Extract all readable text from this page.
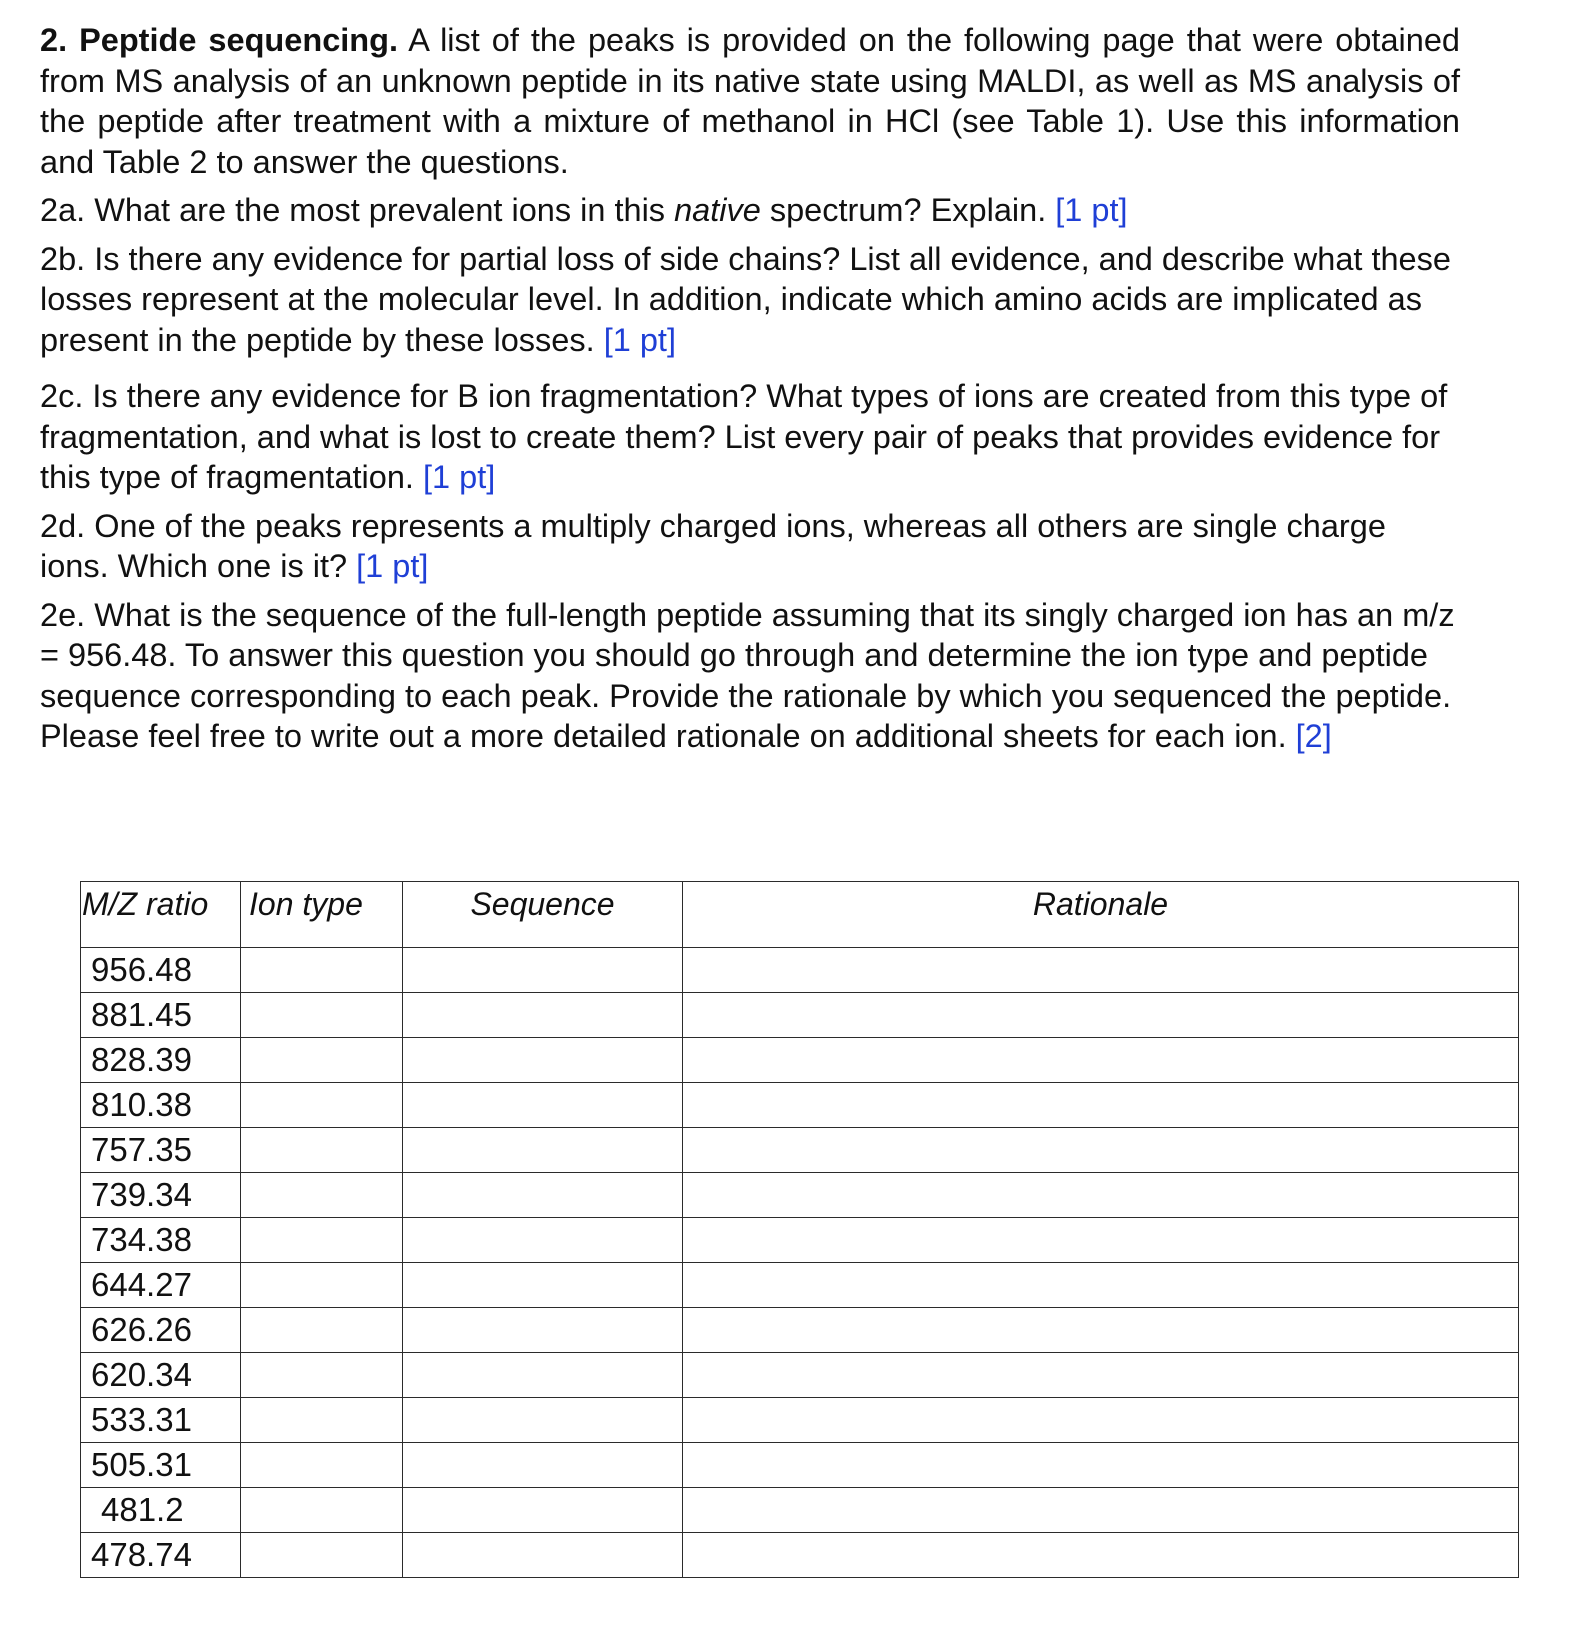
2. Peptide sequencing. A list of the peaks is provided on the following page that were obtained from MS analysis of an unknown peptide in its native state using MALDI, as well as MS analysis of the peptide after treatment with a mixture of methanol in HCl (see Table 1). Use this information and Table 2 to answer the questions.

2a. What are the most prevalent ions in this native spectrum? Explain. [1 pt]

2b. Is there any evidence for partial loss of side chains? List all evidence, and describe what these losses represent at the molecular level. In addition, indicate which amino acids are implicated as present in the peptide by these losses. [1 pt]

2c. Is there any evidence for B ion fragmentation? What types of ions are created from this type of fragmentation, and what is lost to create them? List every pair of peaks that provides evidence for this type of fragmentation. [1 pt]

2d. One of the peaks represents a multiply charged ions, whereas all others are single charge ions. Which one is it? [1 pt]

2e. What is the sequence of the full-length peptide assuming that its singly charged ion has an m/z = 956.48. To answer this question you should go through and determine the ion type and peptide sequence corresponding to each peak. Provide the rationale by which you sequenced the peptide. Please feel free to write out a more detailed rationale on additional sheets for each ion. [2]

M/Z ratio	Ion type	Sequence	Rationale
956.48			
881.45			
828.39			
810.38			
757.35			
739.34			
734.38			
644.27			
626.26			
620.34			
533.31			
505.31			
481.2			
478.74			
